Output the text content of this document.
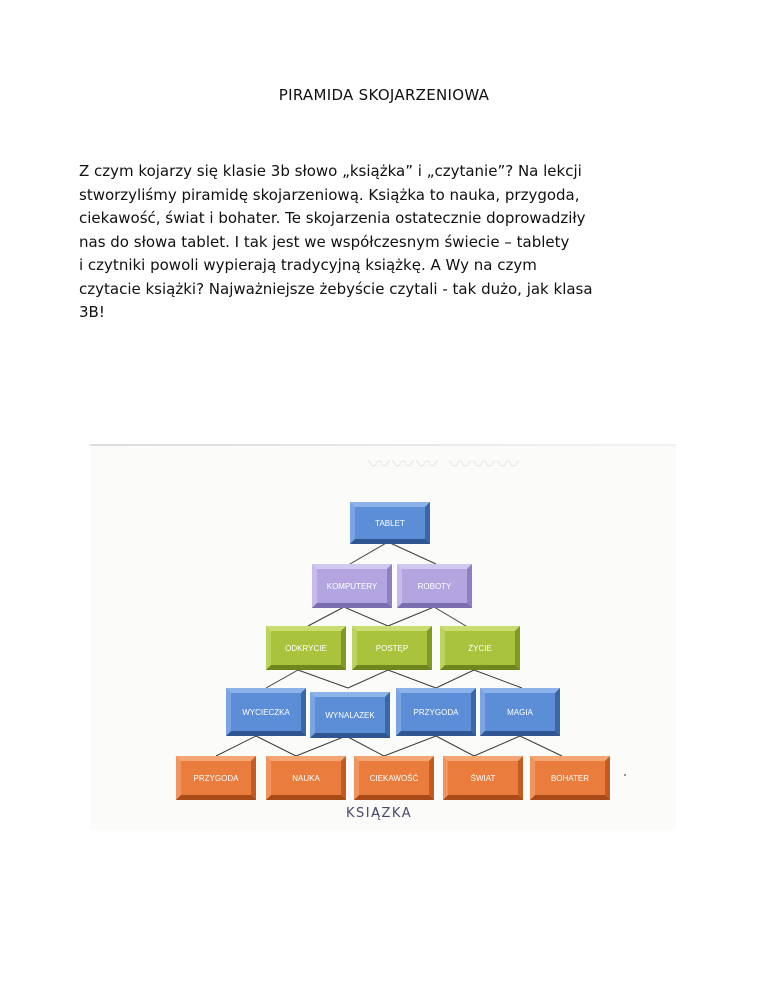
PIRAMIDA SKOJARZENIOWA
Z czym kojarzy się klasie 3b słowo „książka” i „czytanie”? Na lekcji
stworzyliśmy piramidę skojarzeniową. Książka to nauka, przygoda,
ciekawość, świat i bohater. Te skojarzenia ostatecznie doprowadziły
nas do słowa tablet. I tak jest we współczesnym świecie – tablety
i czytniki powoli wypierają tradycyjną książkę. A Wy na czym
czytacie książki? Najważniejsze żebyście czytali - tak dużo, jak klasa
3B!
〰〰〰 〰〰〰
TABLET
KOMPUTERY	ROBOTY
ODKRYCIE	POSTĘP	ŻYCIE
WYCIECZKA	WYNALAZEK	PRZYGODA	MAGIA
PRZYGODA	NAUKA	CIEKAWOŚĆ	ŚWIAT	BOHATER
KSIĄZKA
